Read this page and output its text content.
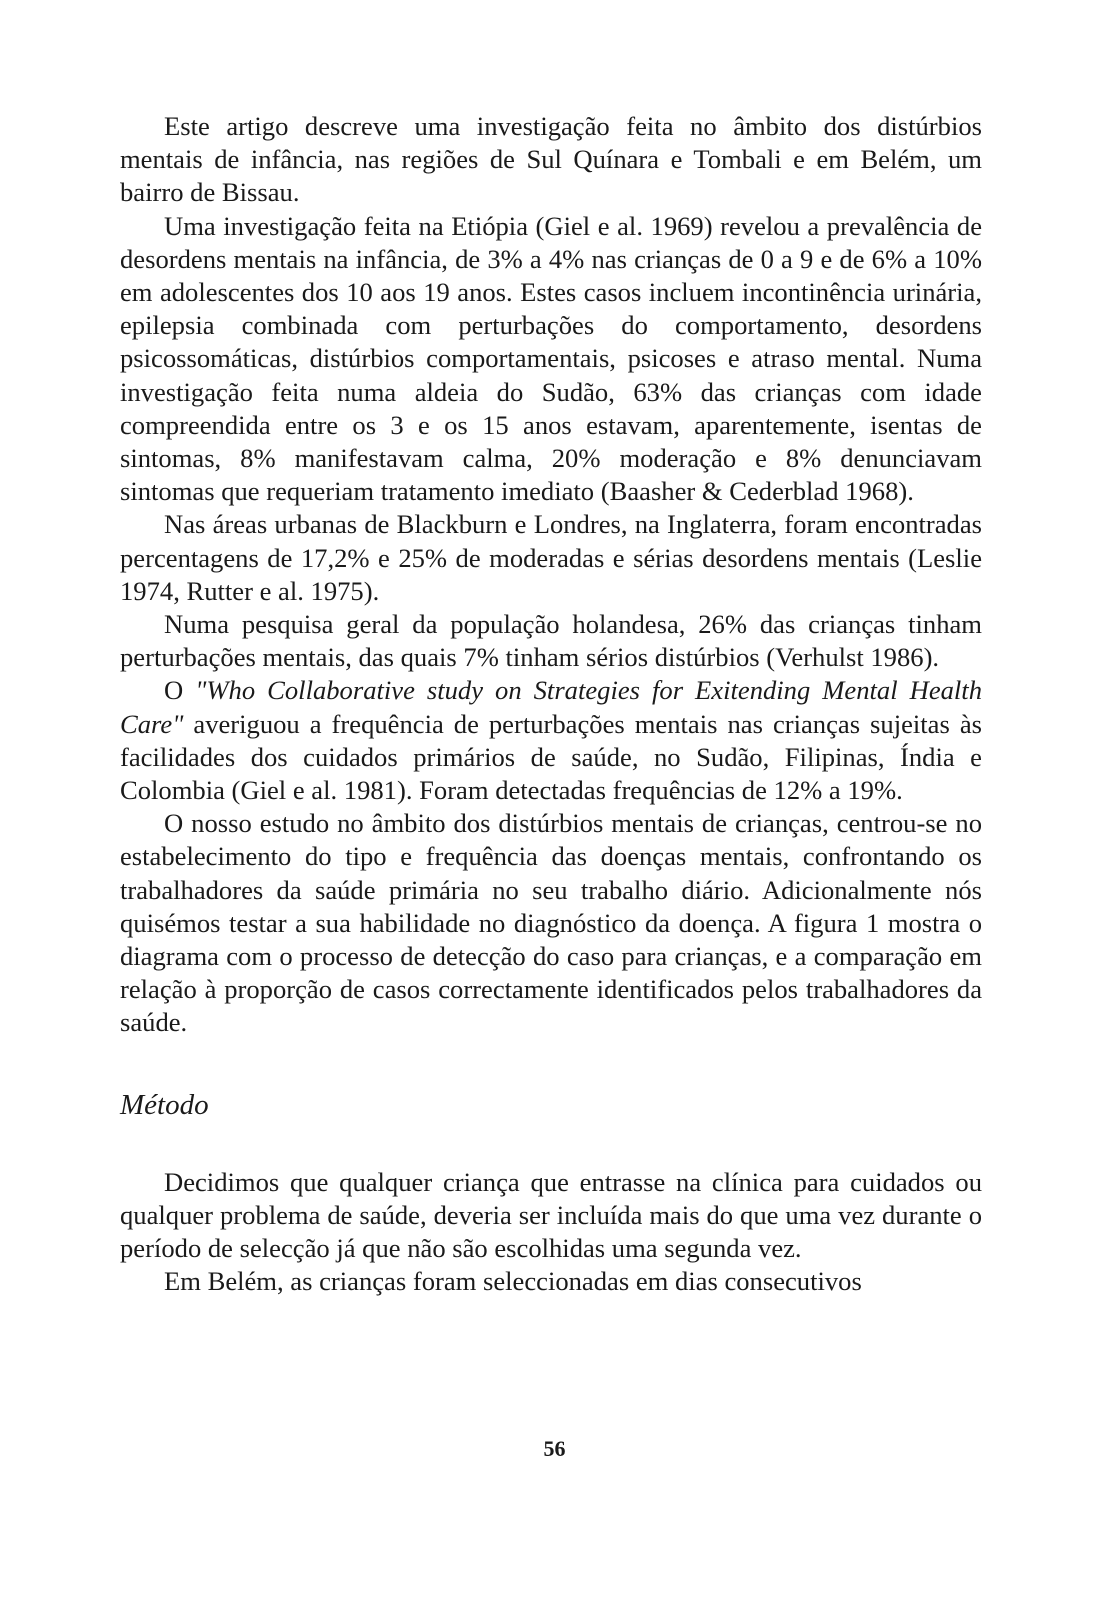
Este artigo descreve uma investigação feita no âmbito dos distúrbios mentais de infância, nas regiões de Sul Quínara e Tombali e em Belém, um bairro de Bissau.

Uma investigação feita na Etiópia (Giel e al. 1969) revelou a prevalência de desordens mentais na infância, de 3% a 4% nas crianças de 0 a 9 e de 6% a 10% em adolescentes dos 10 aos 19 anos. Estes casos incluem incontinência urinária, epilepsia combinada com perturbações do comportamento, desordens psicossomáticas, distúrbios comportamentais, psicoses e atraso mental. Numa investigação feita numa aldeia do Sudão, 63% das crianças com idade compreendida entre os 3 e os 15 anos estavam, aparentemente, isentas de sintomas, 8% manifestavam calma, 20% moderação e 8% denunciavam sintomas que requeriam tratamento imediato (Baasher & Cederblad 1968).

Nas áreas urbanas de Blackburn e Londres, na Inglaterra, foram encontradas percentagens de 17,2% e 25% de moderadas e sérias desordens mentais (Leslie 1974, Rutter e al. 1975).

Numa pesquisa geral da população holandesa, 26% das crianças tinham perturbações mentais, das quais 7% tinham sérios distúrbios (Verhulst 1986).

O "Who Collaborative study on Strategies for Exitending Mental Health Care" averiguou a frequência de perturbações mentais nas crianças sujeitas às facilidades dos cuidados primários de saúde, no Sudão, Filipinas, Índia e Colombia (Giel e al. 1981). Foram detectadas frequências de 12% a 19%.

O nosso estudo no âmbito dos distúrbios mentais de crianças, centrou-se no estabelecimento do tipo e frequência das doenças mentais, confrontando os trabalhadores da saúde primária no seu trabalho diário. Adicionalmente nós quisémos testar a sua habilidade no diagnóstico da doença. A figura 1 mostra o diagrama com o processo de detecção do caso para crianças, e a comparação em relação à proporção de casos correctamente identificados pelos trabalhadores da saúde.

Método

Decidimos que qualquer criança que entrasse na clínica para cuidados ou qualquer problema de saúde, deveria ser incluída mais do que uma vez durante o período de selecção já que não são escolhidas uma segunda vez.

Em Belém, as crianças foram seleccionadas em dias consecutivos

56
